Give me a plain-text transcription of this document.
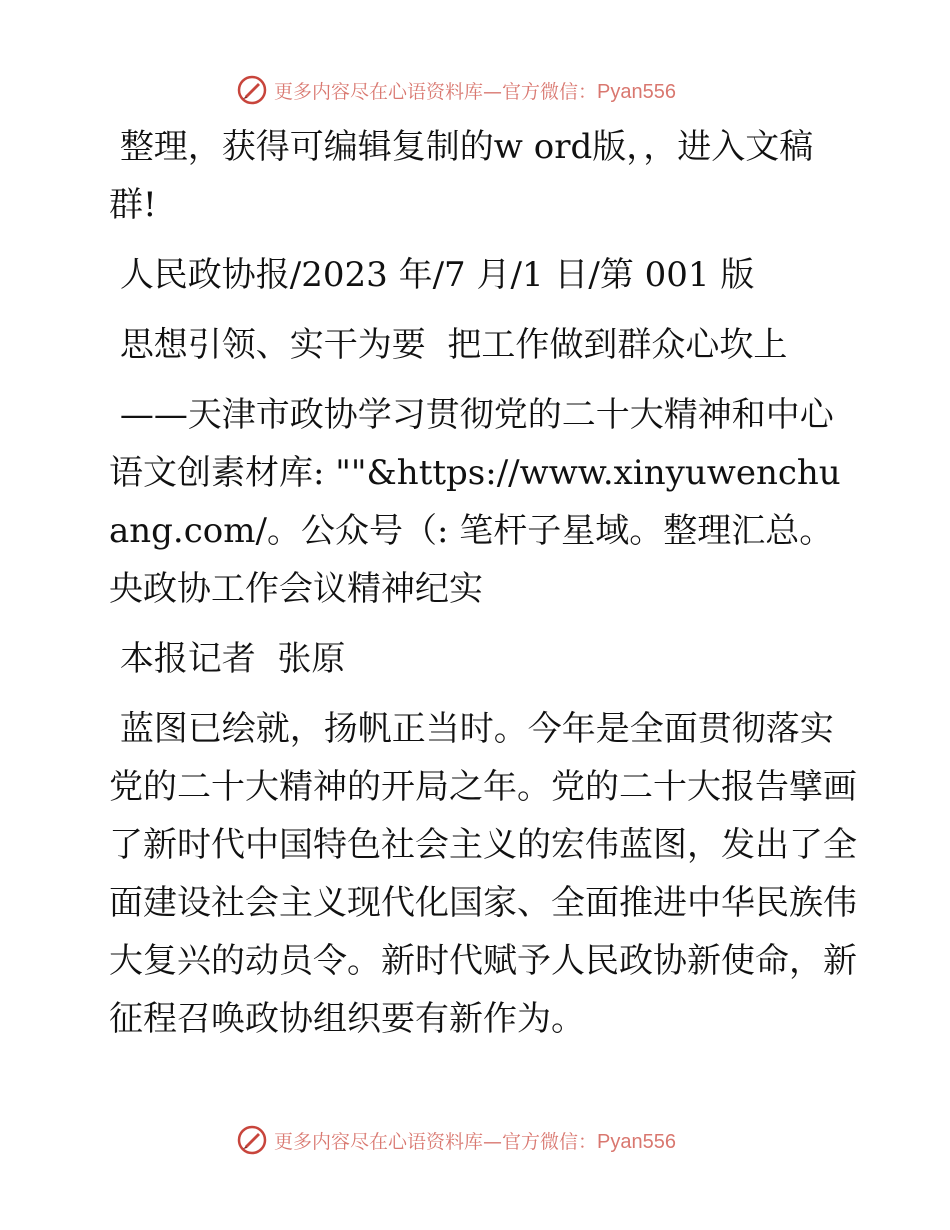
更多内容尽在心语资料库—官方微信：Pyan556

整理，获得可编辑复制的w ord版，，进入文稿群!

人民政协报/2023 年/7 月/1 日/第 001 版

思想引领、实干为要  把工作做到群众心坎上

——天津市政协学习贯彻党的二十大精神和中心语文创素材库: ""&https://www.xinyuwenchuang.com/。公众号（: 笔杆子星域。整理汇总。央政协工作会议精神纪实

本报记者  张原

蓝图已绘就，扬帆正当时。今年是全面贯彻落实党的二十大精神的开局之年。党的二十大报告擘画了新时代中国特色社会主义的宏伟蓝图，发出了全面建设社会主义现代化国家、全面推进中华民族伟大复兴的动员令。新时代赋予人民政协新使命，新征程召唤政协组织要有新作为。

更多内容尽在心语资料库—官方微信：Pyan556
